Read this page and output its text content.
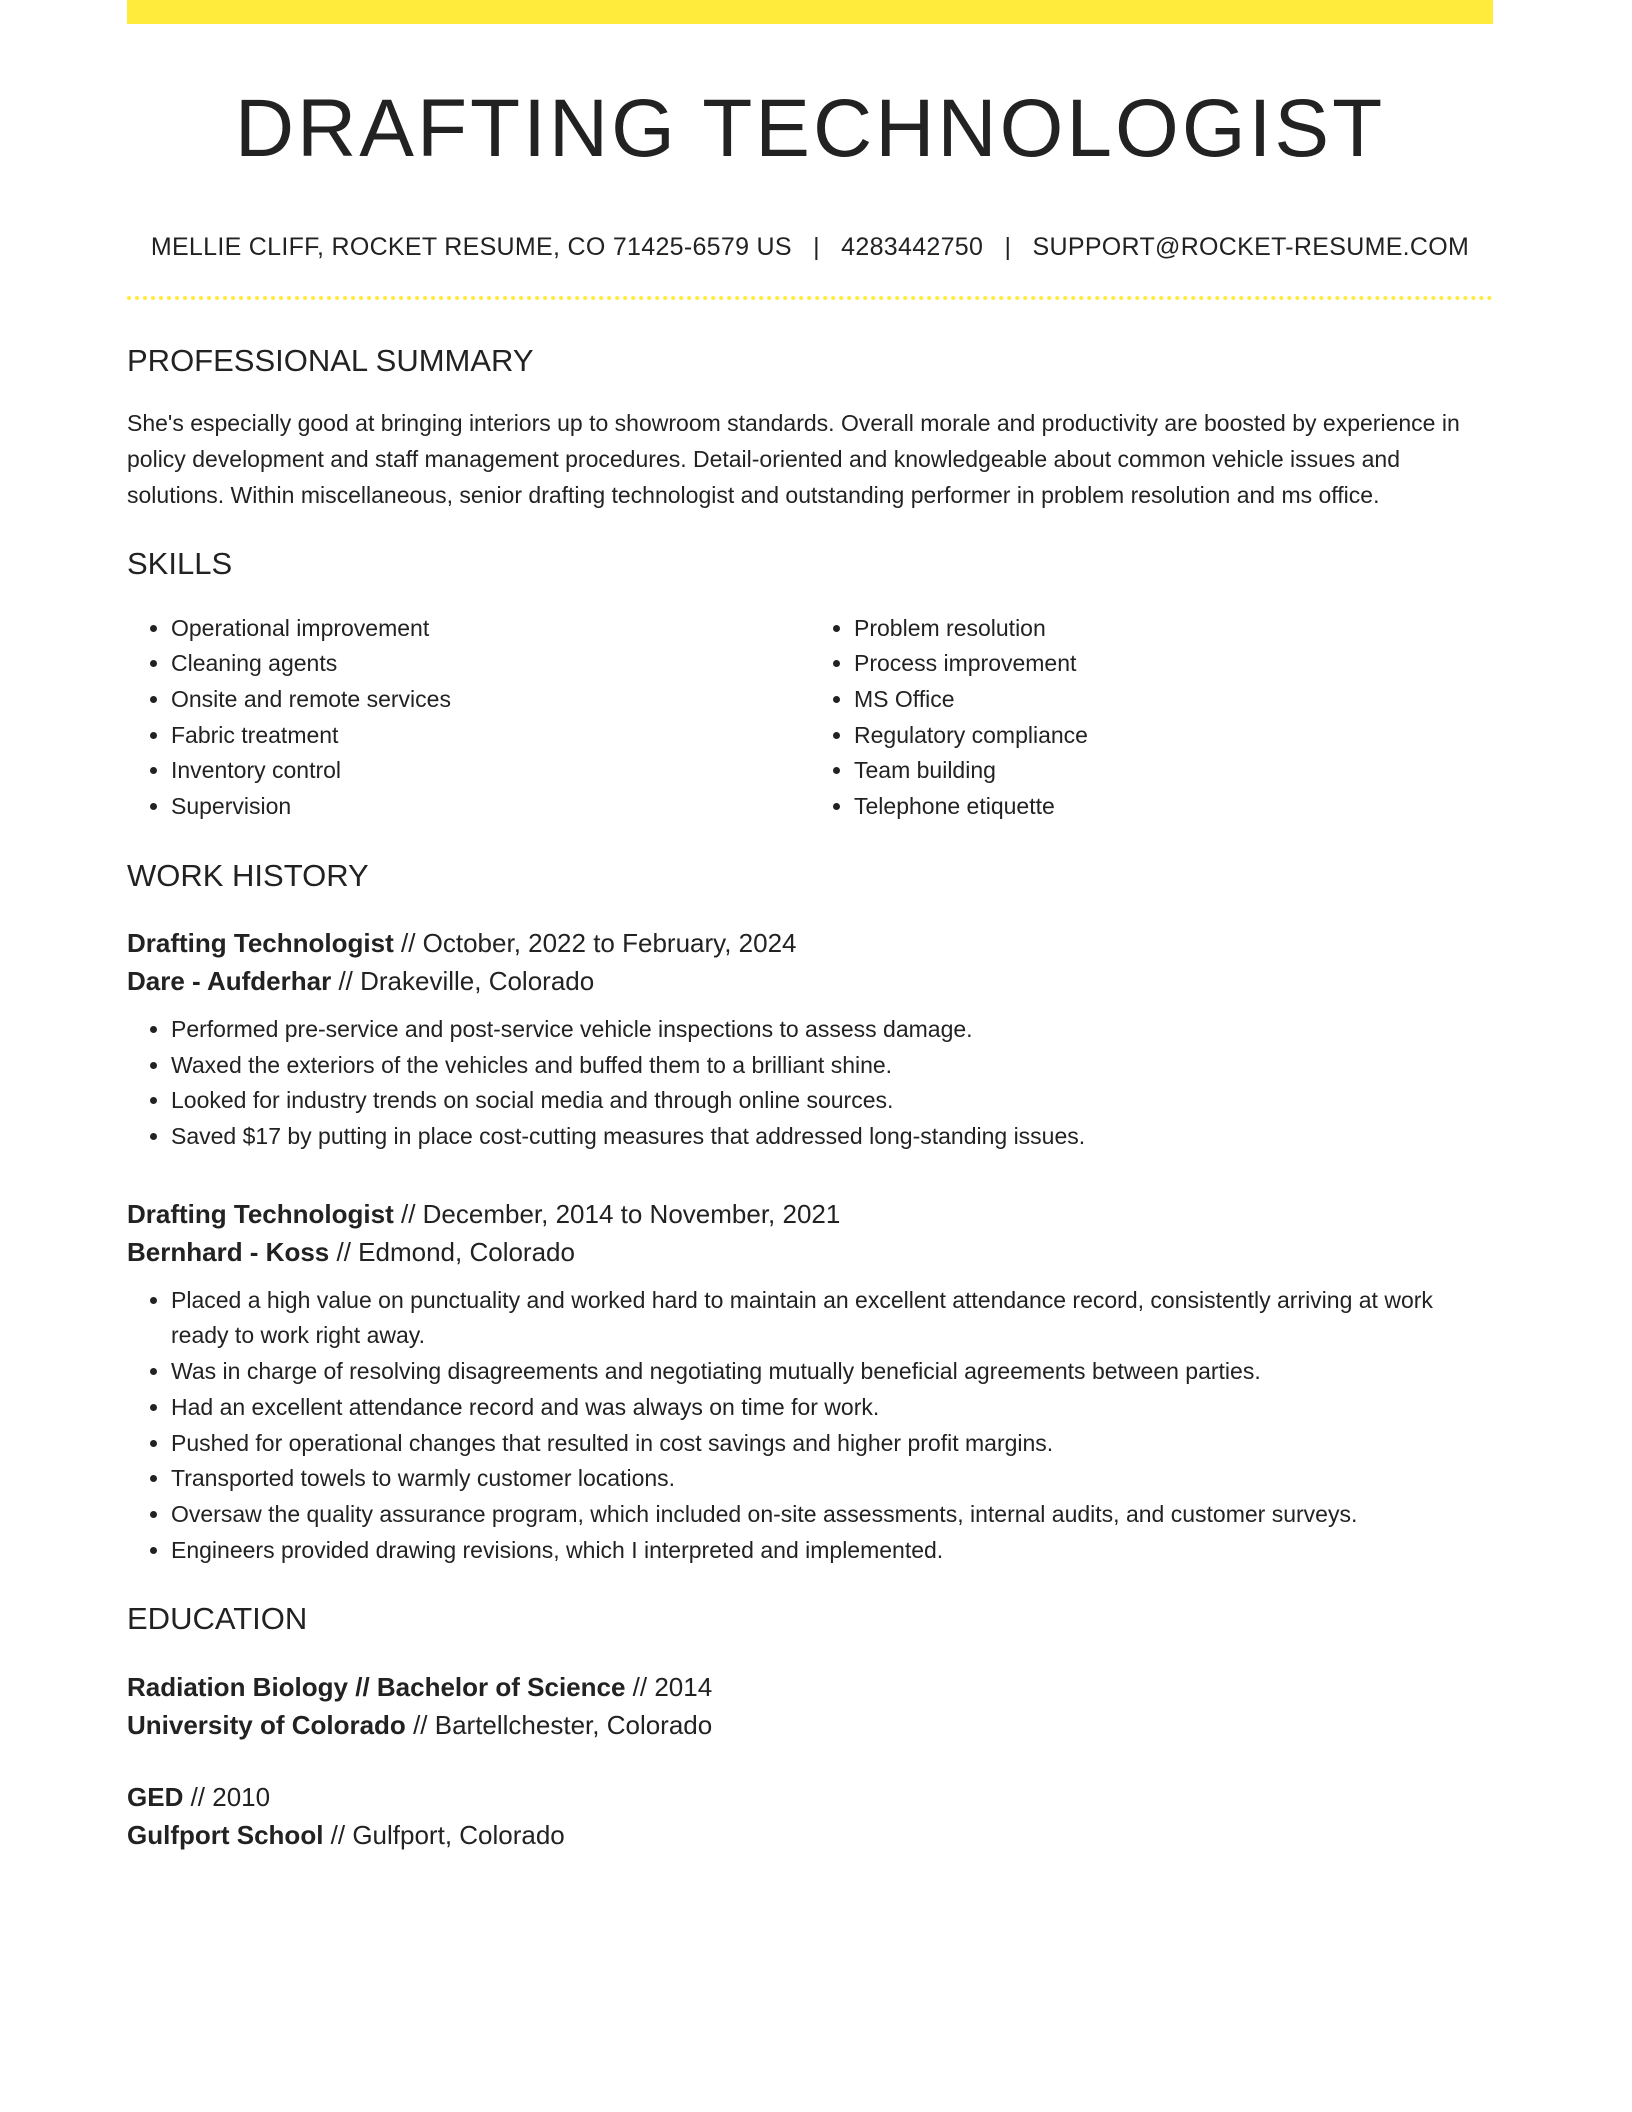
DRAFTING TECHNOLOGIST
MELLIE CLIFF, ROCKET RESUME, CO 71425-6579 US | 4283442750 | SUPPORT@ROCKET-RESUME.COM
PROFESSIONAL SUMMARY

She's especially good at bringing interiors up to showroom standards. Overall morale and productivity are boosted by experience in policy development and staff management procedures. Detail-oriented and knowledgeable about common vehicle issues and solutions. Within miscellaneous, senior drafting technologist and outstanding performer in problem resolution and ms office.

SKILLS
• Operational improvement
• Cleaning agents
• Onsite and remote services
• Fabric treatment
• Inventory control
• Supervision
• Problem resolution
• Process improvement
• MS Office
• Regulatory compliance
• Team building
• Telephone etiquette
WORK HISTORY
Drafting Technologist // October, 2022 to February, 2024
Dare - Aufderhar // Drakeville, Colorado
• Performed pre-service and post-service vehicle inspections to assess damage.
• Waxed the exteriors of the vehicles and buffed them to a brilliant shine.
• Looked for industry trends on social media and through online sources.
• Saved $17 by putting in place cost-cutting measures that addressed long-standing issues.
Drafting Technologist // December, 2014 to November, 2021
Bernhard - Koss // Edmond, Colorado
• Placed a high value on punctuality and worked hard to maintain an excellent attendance record, consistently arriving at work ready to work right away.
• Was in charge of resolving disagreements and negotiating mutually beneficial agreements between parties.
• Had an excellent attendance record and was always on time for work.
• Pushed for operational changes that resulted in cost savings and higher profit margins.
• Transported towels to warmly customer locations.
• Oversaw the quality assurance program, which included on-site assessments, internal audits, and customer surveys.
• Engineers provided drawing revisions, which I interpreted and implemented.
EDUCATION
Radiation Biology // Bachelor of Science // 2014
University of Colorado // Bartellchester, Colorado
GED // 2010
Gulfport School // Gulfport, Colorado
